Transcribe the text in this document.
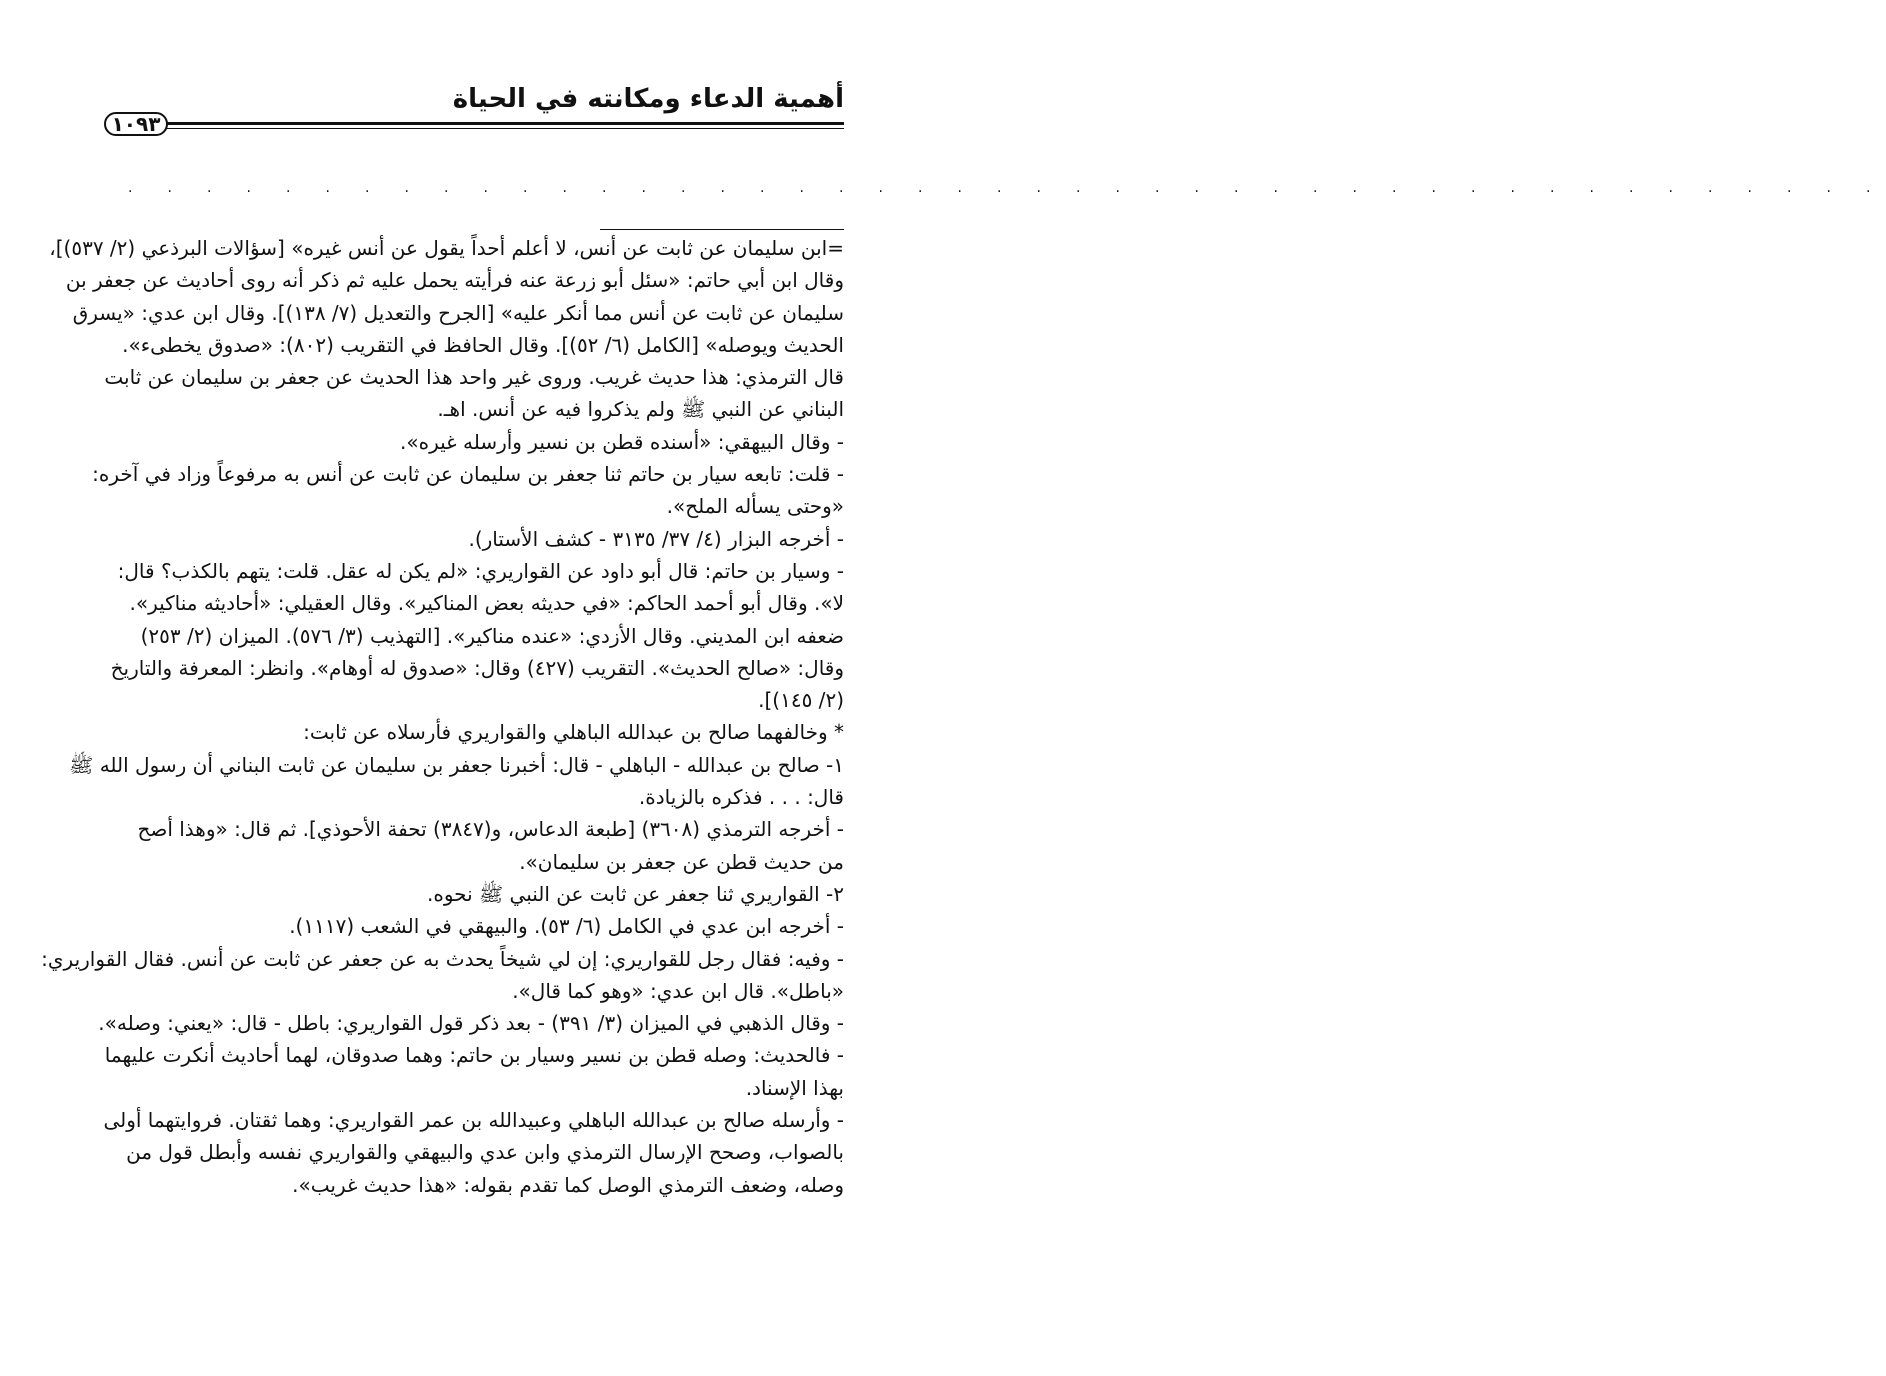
أهمية الدعاء ومكانته في الحياة
١٠٩٣
. . . . . . . . . . . . . . . . . . . . . . . . . . . . . . . . . . . . . . . . . . . . .
=ابن سليمان عن ثابت عن أنس، لا أعلم أحداً يقول عن أنس غيره» [سؤالات البرذعي (٢/ ٥٣٧)]،
وقال ابن أبي حاتم: «سئل أبو زرعة عنه فرأيته يحمل عليه ثم ذكر أنه روى أحاديث عن جعفر بن
سليمان عن ثابت عن أنس مما أنكر عليه» [الجرح والتعديل (٧/ ١٣٨)]. وقال ابن عدي: «يسرق
الحديث ويوصله» [الكامل (٦/ ٥٢)]. وقال الحافظ في التقريب (٨٠٢): «صدوق يخطىء».
قال الترمذي: هذا حديث غريب. وروى غير واحد هذا الحديث عن جعفر بن سليمان عن ثابت
البناني عن النبي ﷺ ولم يذكروا فيه عن أنس. اهـ.
- وقال البيهقي: «أسنده قطن بن نسير وأرسله غيره».
- قلت: تابعه سيار بن حاتم ثنا جعفر بن سليمان عن ثابت عن أنس به مرفوعاً وزاد في آخره:
«وحتى يسأله الملح».
- أخرجه البزار (٤/ ٣٧/ ٣١٣٥ - كشف الأستار).
- وسيار بن حاتم: قال أبو داود عن القواريري: «لم يكن له عقل. قلت: يتهم بالكذب؟ قال:
لا». وقال أبو أحمد الحاكم: «في حديثه بعض المناكير». وقال العقيلي: «أحاديثه مناكير».
ضعفه ابن المديني. وقال الأزدي: «عنده مناكير». [التهذيب (٣/ ٥٧٦). الميزان (٢/ ٢٥٣)
وقال: «صالح الحديث». التقريب (٤٢٧) وقال: «صدوق له أوهام». وانظر: المعرفة والتاريخ
(٢/ ١٤٥)].
* وخالفهما صالح بن عبدالله الباهلي والقواريري فأرسلاه عن ثابت:
١- صالح بن عبدالله - الباهلي - قال: أخبرنا جعفر بن سليمان عن ثابت البناني أن رسول الله ﷺ
قال: . . . فذكره بالزيادة.
- أخرجه الترمذي (٣٦٠٨) [طبعة الدعاس، و(٣٨٤٧) تحفة الأحوذي]. ثم قال: «وهذا أصح
من حديث قطن عن جعفر بن سليمان».
٢- القواريري ثنا جعفر عن ثابت عن النبي ﷺ نحوه.
- أخرجه ابن عدي في الكامل (٦/ ٥٣). والبيهقي في الشعب (١١١٧).
- وفيه: فقال رجل للقواريري: إن لي شيخاً يحدث به عن جعفر عن ثابت عن أنس. فقال القواريري:
«باطل». قال ابن عدي: «وهو كما قال».
- وقال الذهبي في الميزان (٣/ ٣٩١) - بعد ذكر قول القواريري: باطل - قال: «يعني: وصله».
- فالحديث: وصله قطن بن نسير وسيار بن حاتم: وهما صدوقان، لهما أحاديث أنكرت عليهما
بهذا الإسناد.
- وأرسله صالح بن عبدالله الباهلي وعبيدالله بن عمر القواريري: وهما ثقتان. فروايتهما أولى
بالصواب، وصحح الإرسال الترمذي وابن عدي والبيهقي والقواريري نفسه وأبطل قول من
وصله، وضعف الترمذي الوصل كما تقدم بقوله: «هذا حديث غريب».
